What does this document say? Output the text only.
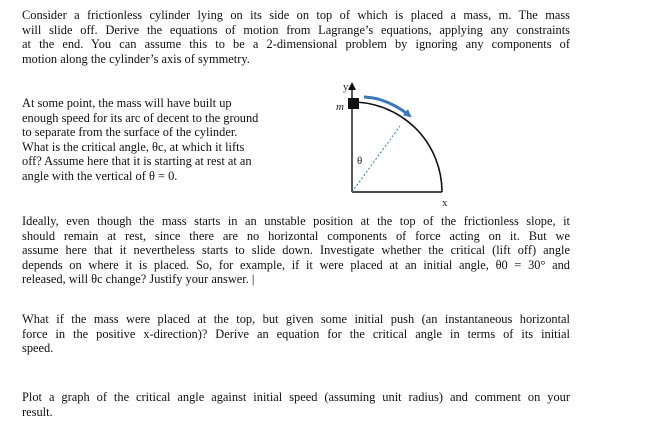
Consider a frictionless cylinder lying on its side on top of which is placed a mass, m. The mass
will slide off. Derive the equations of motion from Lagrange’s equations, applying any constraints
at the end. You can assume this to be a 2-dimensional problem by ignoring any components of
motion along the cylinder’s axis of symmetry.

At some point, the mass will have built up
enough speed for its arc of decent to the ground
to separate from the surface of the cylinder.
What is the critical angle, θc, at which it lifts
off? Assume here that it is starting at rest at an
angle with the vertical of θ = 0.

y
m
θ
x

Ideally, even though the mass starts in an unstable position at the top of the frictionless slope, it
should remain at rest, since there are no horizontal components of force acting on it. But we
assume here that it nevertheless starts to slide down. Investigate whether the critical (lift off) angle
depends on where it is placed. So, for example, if it were placed at an initial angle, θ0 = 30° and
released, will θc change? Justify your answer. |

What if the mass were placed at the top, but given some initial push (an instantaneous horizontal
force in the positive x-direction)? Derive an equation for the critical angle in terms of its initial
speed.

Plot a graph of the critical angle against initial speed (assuming unit radius) and comment on your
result.
